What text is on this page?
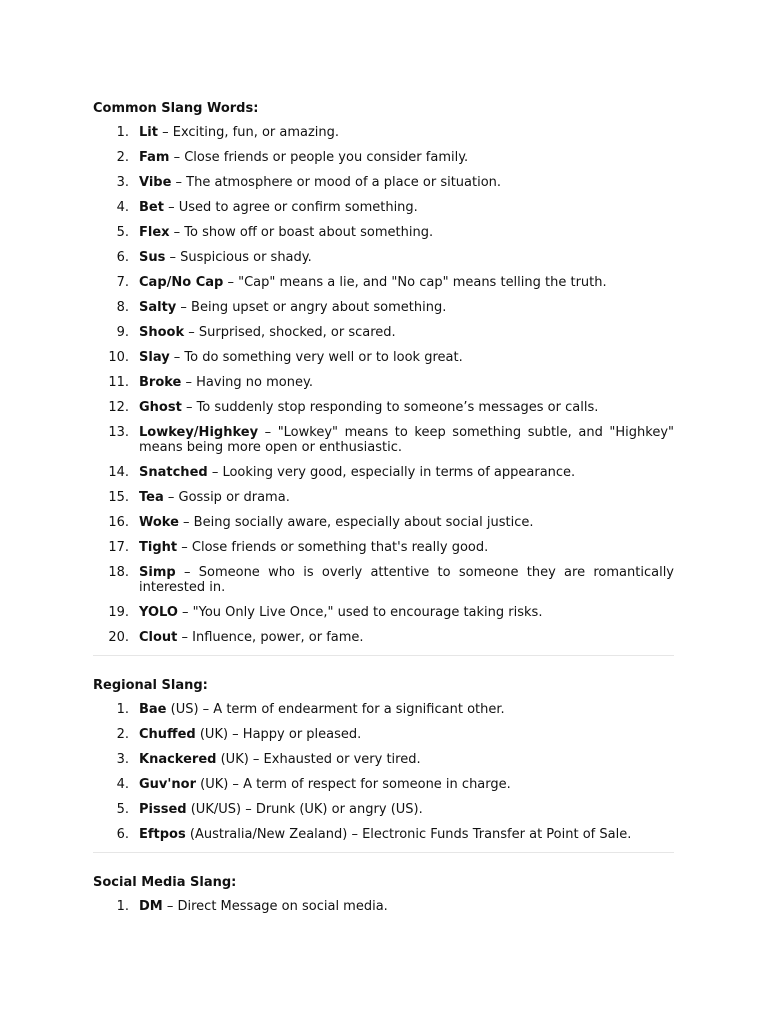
Common Slang Words:
1. Lit – Exciting, fun, or amazing.
2. Fam – Close friends or people you consider family.
3. Vibe – The atmosphere or mood of a place or situation.
4. Bet – Used to agree or confirm something.
5. Flex – To show off or boast about something.
6. Sus – Suspicious or shady.
7. Cap/No Cap – "Cap" means a lie, and "No cap" means telling the truth.
8. Salty – Being upset or angry about something.
9. Shook – Surprised, shocked, or scared.
10. Slay – To do something very well or to look great.
11. Broke – Having no money.
12. Ghost – To suddenly stop responding to someone’s messages or calls.
13. Lowkey/Highkey – "Lowkey" means to keep something subtle, and "Highkey" means being more open or enthusiastic.
14. Snatched – Looking very good, especially in terms of appearance.
15. Tea – Gossip or drama.
16. Woke – Being socially aware, especially about social justice.
17. Tight – Close friends or something that's really good.
18. Simp – Someone who is overly attentive to someone they are romantically interested in.
19. YOLO – "You Only Live Once," used to encourage taking risks.
20. Clout – Influence, power, or fame.
Regional Slang:
1. Bae (US) – A term of endearment for a significant other.
2. Chuffed (UK) – Happy or pleased.
3. Knackered (UK) – Exhausted or very tired.
4. Guv'nor (UK) – A term of respect for someone in charge.
5. Pissed (UK/US) – Drunk (UK) or angry (US).
6. Eftpos (Australia/New Zealand) – Electronic Funds Transfer at Point of Sale.
Social Media Slang:
1. DM – Direct Message on social media.
